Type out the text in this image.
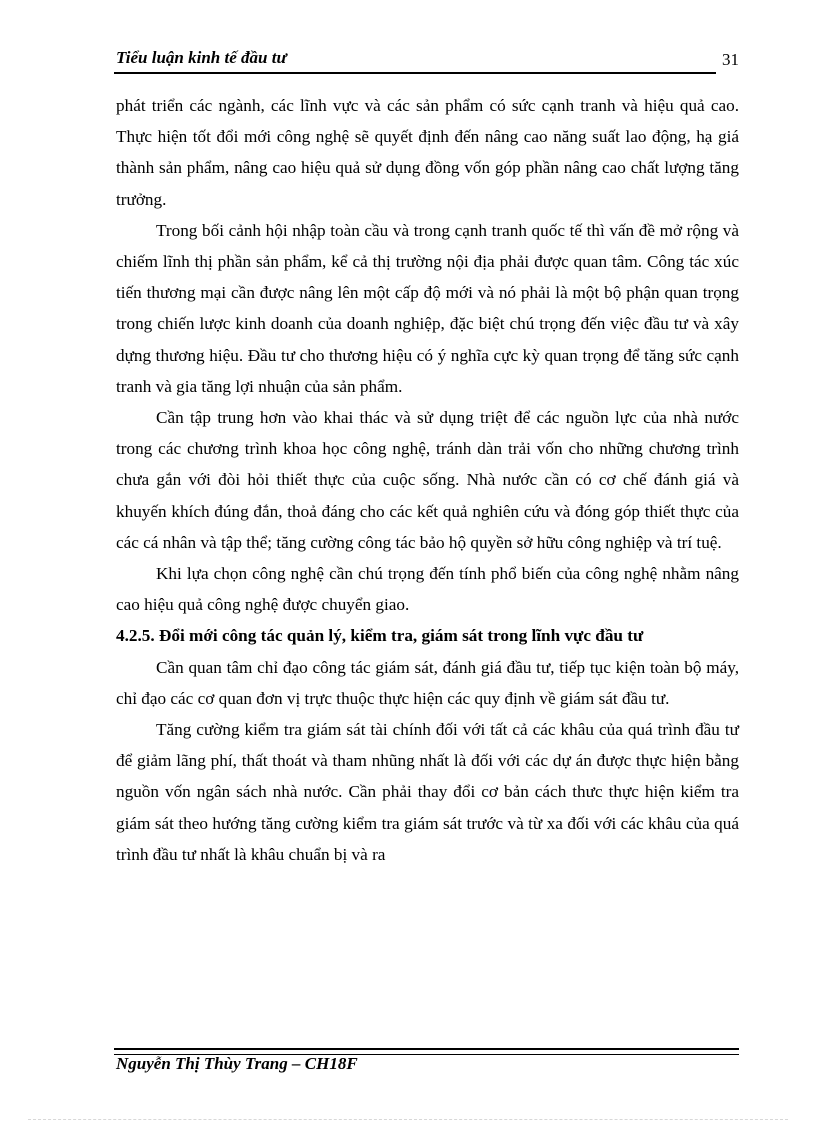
Tiểu luận kinh tế đầu tư	31

phát triển các ngành, các lĩnh vực và các sản phẩm có sức cạnh tranh và hiệu quả cao. Thực hiện tốt đổi mới công nghệ sẽ quyết định đến nâng cao năng suất lao động, hạ giá thành sản phẩm, nâng cao hiệu quả sử dụng đồng vốn góp phần nâng cao chất lượng tăng trưởng.

Trong bối cảnh hội nhập toàn cầu và trong cạnh tranh quốc tế thì vấn đề mở rộng và chiếm lĩnh thị phần sản phẩm, kể cả thị trường nội địa phải được quan tâm. Công tác xúc tiến thương mại cần được nâng lên một cấp độ mới và nó phải là một bộ phận quan trọng trong chiến lược kinh doanh của doanh nghiệp, đặc biệt chú trọng đến việc đầu tư và xây dựng thương hiệu. Đầu tư cho thương hiệu có ý nghĩa cực kỳ quan trọng để tăng sức cạnh tranh và gia tăng lợi nhuận của sản phẩm.

Cần tập trung hơn vào khai thác và sử dụng triệt để các nguồn lực của nhà nước trong các chương trình khoa học công nghệ, tránh dàn trải vốn cho những chương trình chưa gắn với đòi hỏi thiết thực của cuộc sống. Nhà nước cần có cơ chế đánh giá và khuyến khích đúng đắn, thoả đáng cho các kết quả nghiên cứu và đóng góp thiết thực của các cá nhân và tập thể; tăng cường công tác bảo hộ quyền sở hữu công nghiệp và trí tuệ.

Khi lựa chọn công nghệ cần chú trọng đến tính phổ biến của công nghệ nhằm nâng cao hiệu quả công nghệ được chuyển giao.

4.2.5. Đổi mới công tác quản lý, kiểm tra, giám sát trong lĩnh vực đầu tư

Cần quan tâm chỉ đạo công tác giám sát, đánh giá đầu tư, tiếp tục kiện toàn bộ máy, chỉ đạo các cơ quan đơn vị trực thuộc thực hiện các quy định về giám sát đầu tư.

Tăng cường kiểm tra giám sát tài chính đối với tất cả các khâu của quá trình đầu tư để giảm lãng phí, thất thoát và tham nhũng nhất là đối với các dự án được thực hiện bằng nguồn vốn ngân sách nhà nước. Cần phải thay đổi cơ bản cách thưc thực hiện kiểm tra giám sát theo hướng tăng cường kiểm tra giám sát trước và từ xa đối với các khâu của quá trình đầu tư nhất là khâu chuẩn bị và ra

Nguyễn Thị Thùy Trang – CH18F
